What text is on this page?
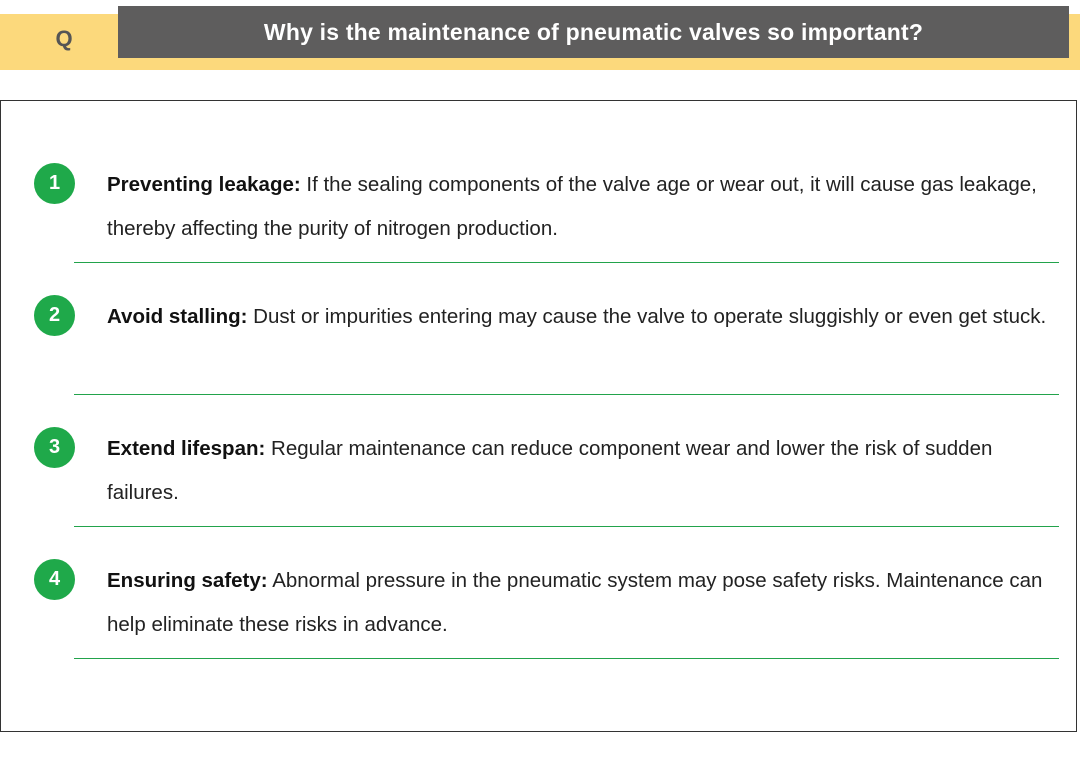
Q	Why is the maintenance of pneumatic valves so important?
1	Preventing leakage: If the sealing components of the valve age or wear out, it will cause gas leakage, thereby affecting the purity of nitrogen production.
2	Avoid stalling: Dust or impurities entering may cause the valve to operate sluggishly or even get stuck.
3	Extend lifespan: Regular maintenance can reduce component wear and lower the risk of sudden failures.
4	Ensuring safety: Abnormal pressure in the pneumatic system may pose safety risks. Maintenance can help eliminate these risks in advance.
